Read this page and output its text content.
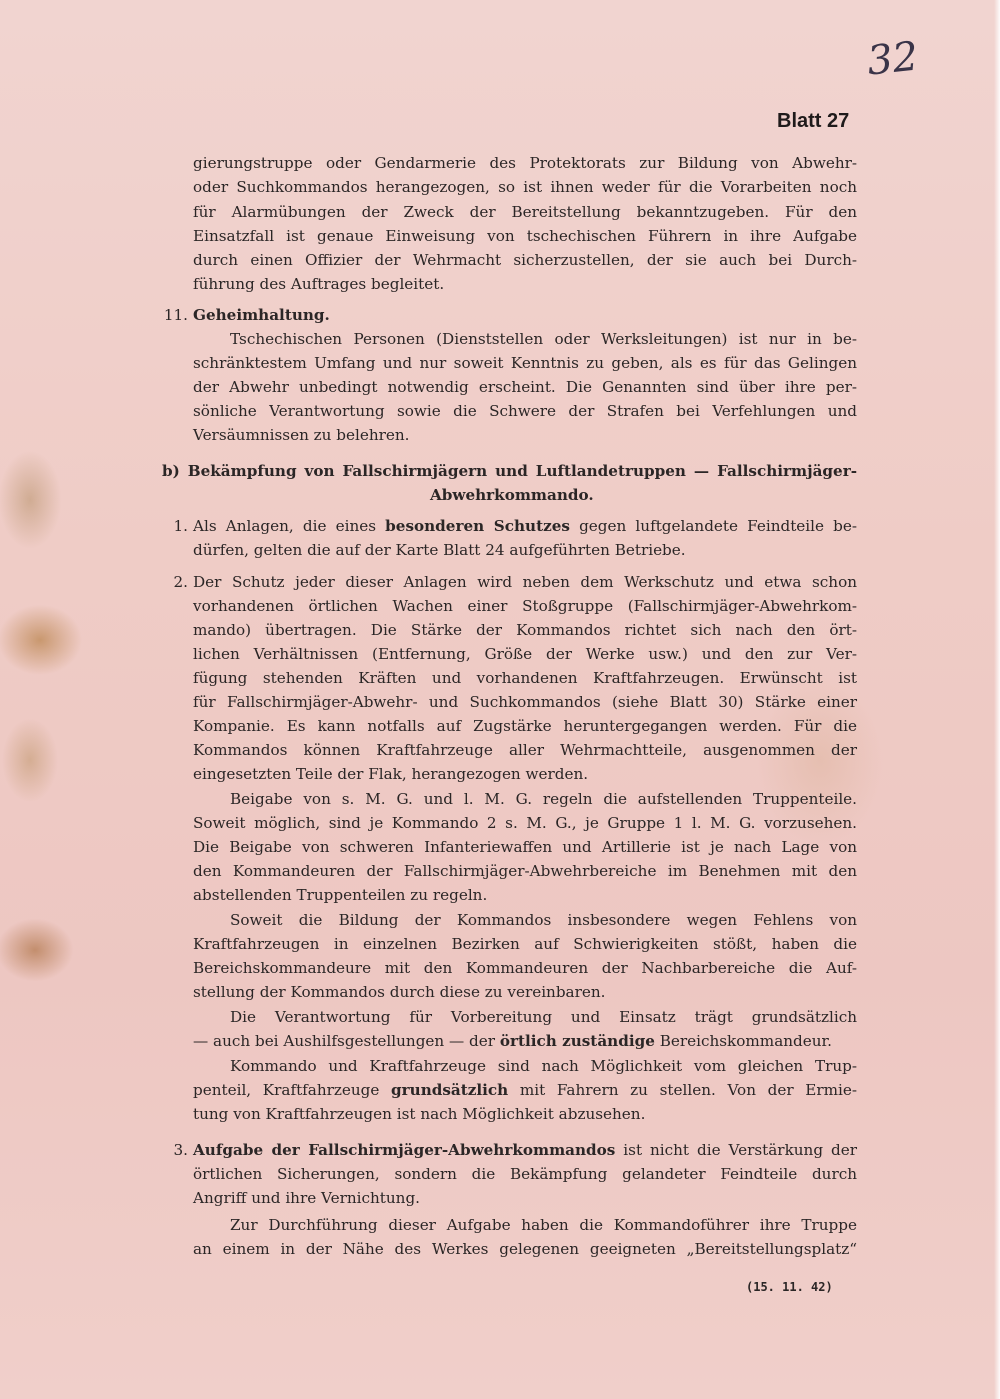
32
Blatt 27
gierungstruppe oder Gendarmerie des Protektorats zur Bildung von Abwehr-
oder Suchkommandos herangezogen, so ist ihnen weder für die Vorarbeiten noch
für Alarmübungen der Zweck der Bereitstellung bekanntzugeben. Für den
Einsatzfall ist genaue Einweisung von tschechischen Führern in ihre Aufgabe
durch einen Offizier der Wehrmacht sicherzustellen, der sie auch bei Durch-
führung des Auftrages begleitet.
11. Geheimhaltung.
Tschechischen Personen (Dienststellen oder Werksleitungen) ist nur in be-
schränktestem Umfang und nur soweit Kenntnis zu geben, als es für das Gelingen
der Abwehr unbedingt notwendig erscheint. Die Genannten sind über ihre per-
sönliche Verantwortung sowie die Schwere der Strafen bei Verfehlungen und
Versäumnissen zu belehren.
b) Bekämpfung von Fallschirmjägern und Luftlandetruppen — Fallschirmjäger-
Abwehrkommando.
1. Als Anlagen, die eines besonderen Schutzes gegen luftgelandete Feindteile be-
dürfen, gelten die auf der Karte Blatt 24 aufgeführten Betriebe.
2. Der Schutz jeder dieser Anlagen wird neben dem Werkschutz und etwa schon
vorhandenen örtlichen Wachen einer Stoßgruppe (Fallschirmjäger-Abwehrkom-
mando) übertragen. Die Stärke der Kommandos richtet sich nach den ört-
lichen Verhältnissen (Entfernung, Größe der Werke usw.) und den zur Ver-
fügung stehenden Kräften und vorhandenen Kraftfahrzeugen. Erwünscht ist
für Fallschirmjäger-Abwehr- und Suchkommandos (siehe Blatt 30) Stärke einer
Kompanie. Es kann notfalls auf Zugstärke heruntergegangen werden. Für die
Kommandos können Kraftfahrzeuge aller Wehrmachtteile, ausgenommen der
eingesetzten Teile der Flak, herangezogen werden.
Beigabe von s. M. G. und l. M. G. regeln die aufstellenden Truppenteile.
Soweit möglich, sind je Kommando 2 s. M. G., je Gruppe 1 l. M. G. vorzusehen.
Die Beigabe von schweren Infanteriewaffen und Artillerie ist je nach Lage von
den Kommandeuren der Fallschirmjäger-Abwehrbereiche im Benehmen mit den
abstellenden Truppenteilen zu regeln.
Soweit die Bildung der Kommandos insbesondere wegen Fehlens von
Kraftfahrzeugen in einzelnen Bezirken auf Schwierigkeiten stößt, haben die
Bereichskommandeure mit den Kommandeuren der Nachbarbereiche die Auf-
stellung der Kommandos durch diese zu vereinbaren.
Die Verantwortung für Vorbereitung und Einsatz trägt grundsätzlich
— auch bei Aushilfsgestellungen — der örtlich zuständige Bereichskommandeur.
Kommando und Kraftfahrzeuge sind nach Möglichkeit vom gleichen Trup-
penteil, Kraftfahrzeuge grundsätzlich mit Fahrern zu stellen. Von der Ermie-
tung von Kraftfahrzeugen ist nach Möglichkeit abzusehen.
3. Aufgabe der Fallschirmjäger-Abwehrkommandos ist nicht die Verstärkung der
örtlichen Sicherungen, sondern die Bekämpfung gelandeter Feindteile durch
Angriff und ihre Vernichtung.
Zur Durchführung dieser Aufgabe haben die Kommandoführer ihre Truppe
an einem in der Nähe des Werkes gelegenen geeigneten „Bereitstellungsplatz“
(15. 11. 42)
